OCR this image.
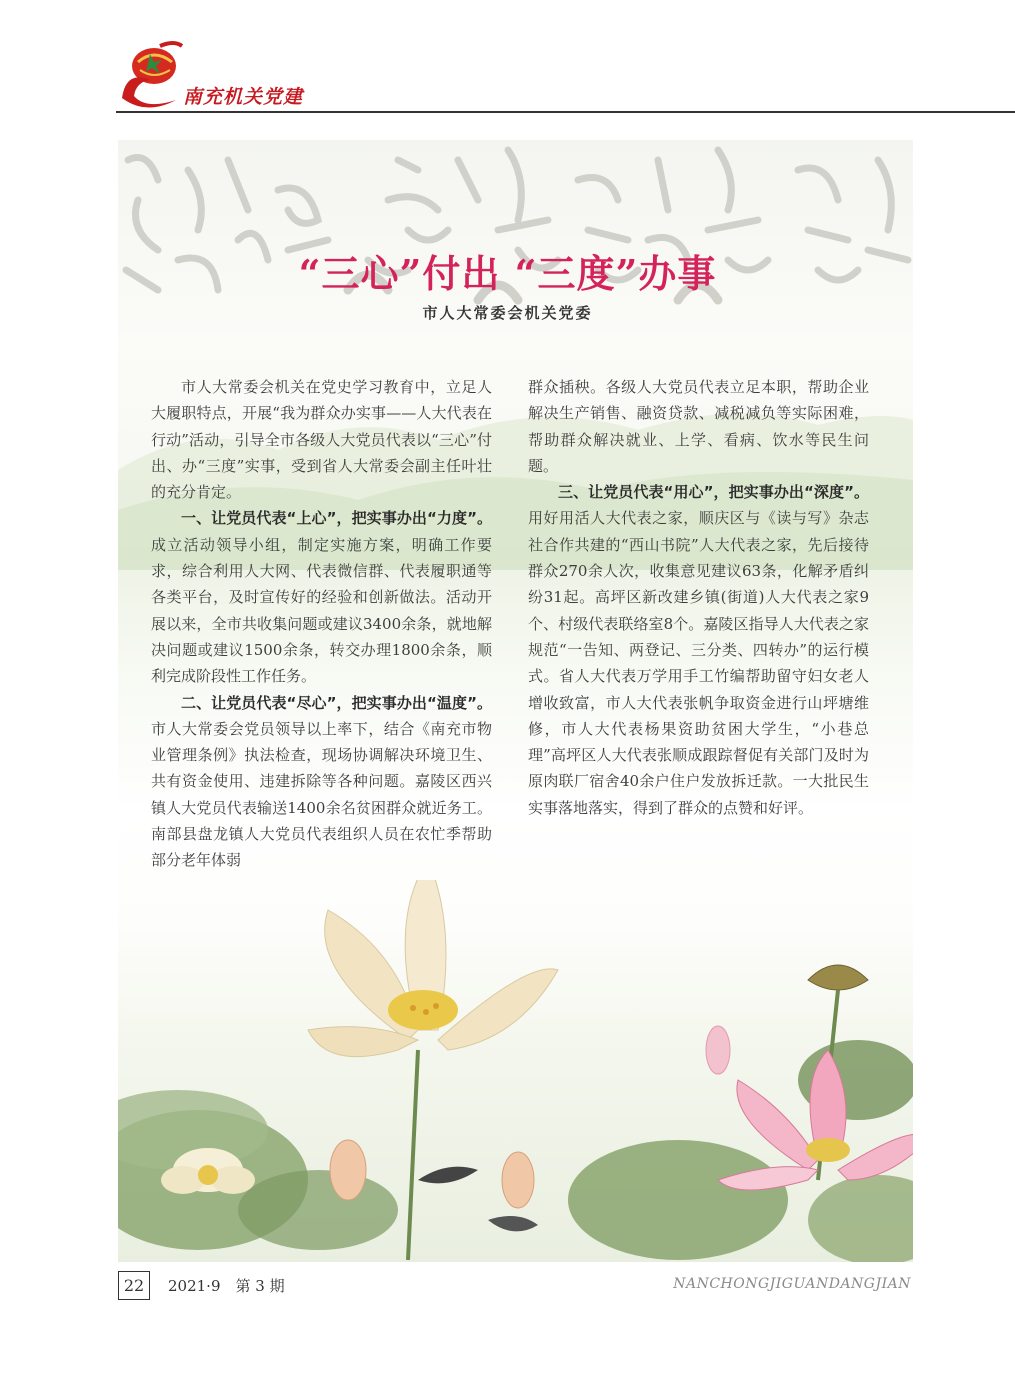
南充机关党建
“三心”付出 “三度”办事
市人大常委会机关党委

市人大常委会机关在党史学习教育中，立足人大履职特点，开展“我为群众办实事——人大代表在行动”活动，引导全市各级人大党员代表以“三心”付出、办“三度”实事，受到省人大常委会副主任叶壮的充分肯定。

一、让党员代表“上心”，把实事办出“力度”。成立活动领导小组，制定实施方案，明确工作要求，综合利用人大网、代表微信群、代表履职通等各类平台，及时宣传好的经验和创新做法。活动开展以来，全市共收集问题或建议3400余条，就地解决问题或建议1500余条，转交办理1800余条，顺利完成阶段性工作任务。

二、让党员代表“尽心”，把实事办出“温度”。市人大常委会党员领导以上率下，结合《南充市物业管理条例》执法检查，现场协调解决环境卫生、共有资金使用、违建拆除等各种问题。嘉陵区西兴镇人大党员代表输送1400余名贫困群众就近务工。南部县盘龙镇人大党员代表组织人员在农忙季帮助部分老年体弱

群众插秧。各级人大党员代表立足本职，帮助企业解决生产销售、融资贷款、减税减负等实际困难，帮助群众解决就业、上学、看病、饮水等民生问题。

三、让党员代表“用心”，把实事办出“深度”。用好用活人大代表之家，顺庆区与《读与写》杂志社合作共建的“西山书院”人大代表之家，先后接待群众270余人次，收集意见建议63条，化解矛盾纠纷31起。高坪区新改建乡镇(街道)人大代表之家9个、村级代表联络室8个。嘉陵区指导人大代表之家规范“一告知、两登记、三分类、四转办”的运行模式。省人大代表万学用手工竹编帮助留守妇女老人增收致富，市人大代表张帆争取资金进行山坪塘维修，市人大代表杨果资助贫困大学生，“小巷总理”高坪区人大代表张顺成跟踪督促有关部门及时为原肉联厂宿舍40余户住户发放拆迁款。一大批民生实事落地落实，得到了群众的点赞和好评。

22	2021·9　第 3 期	NANCHONGJIGUANDANGJIAN
